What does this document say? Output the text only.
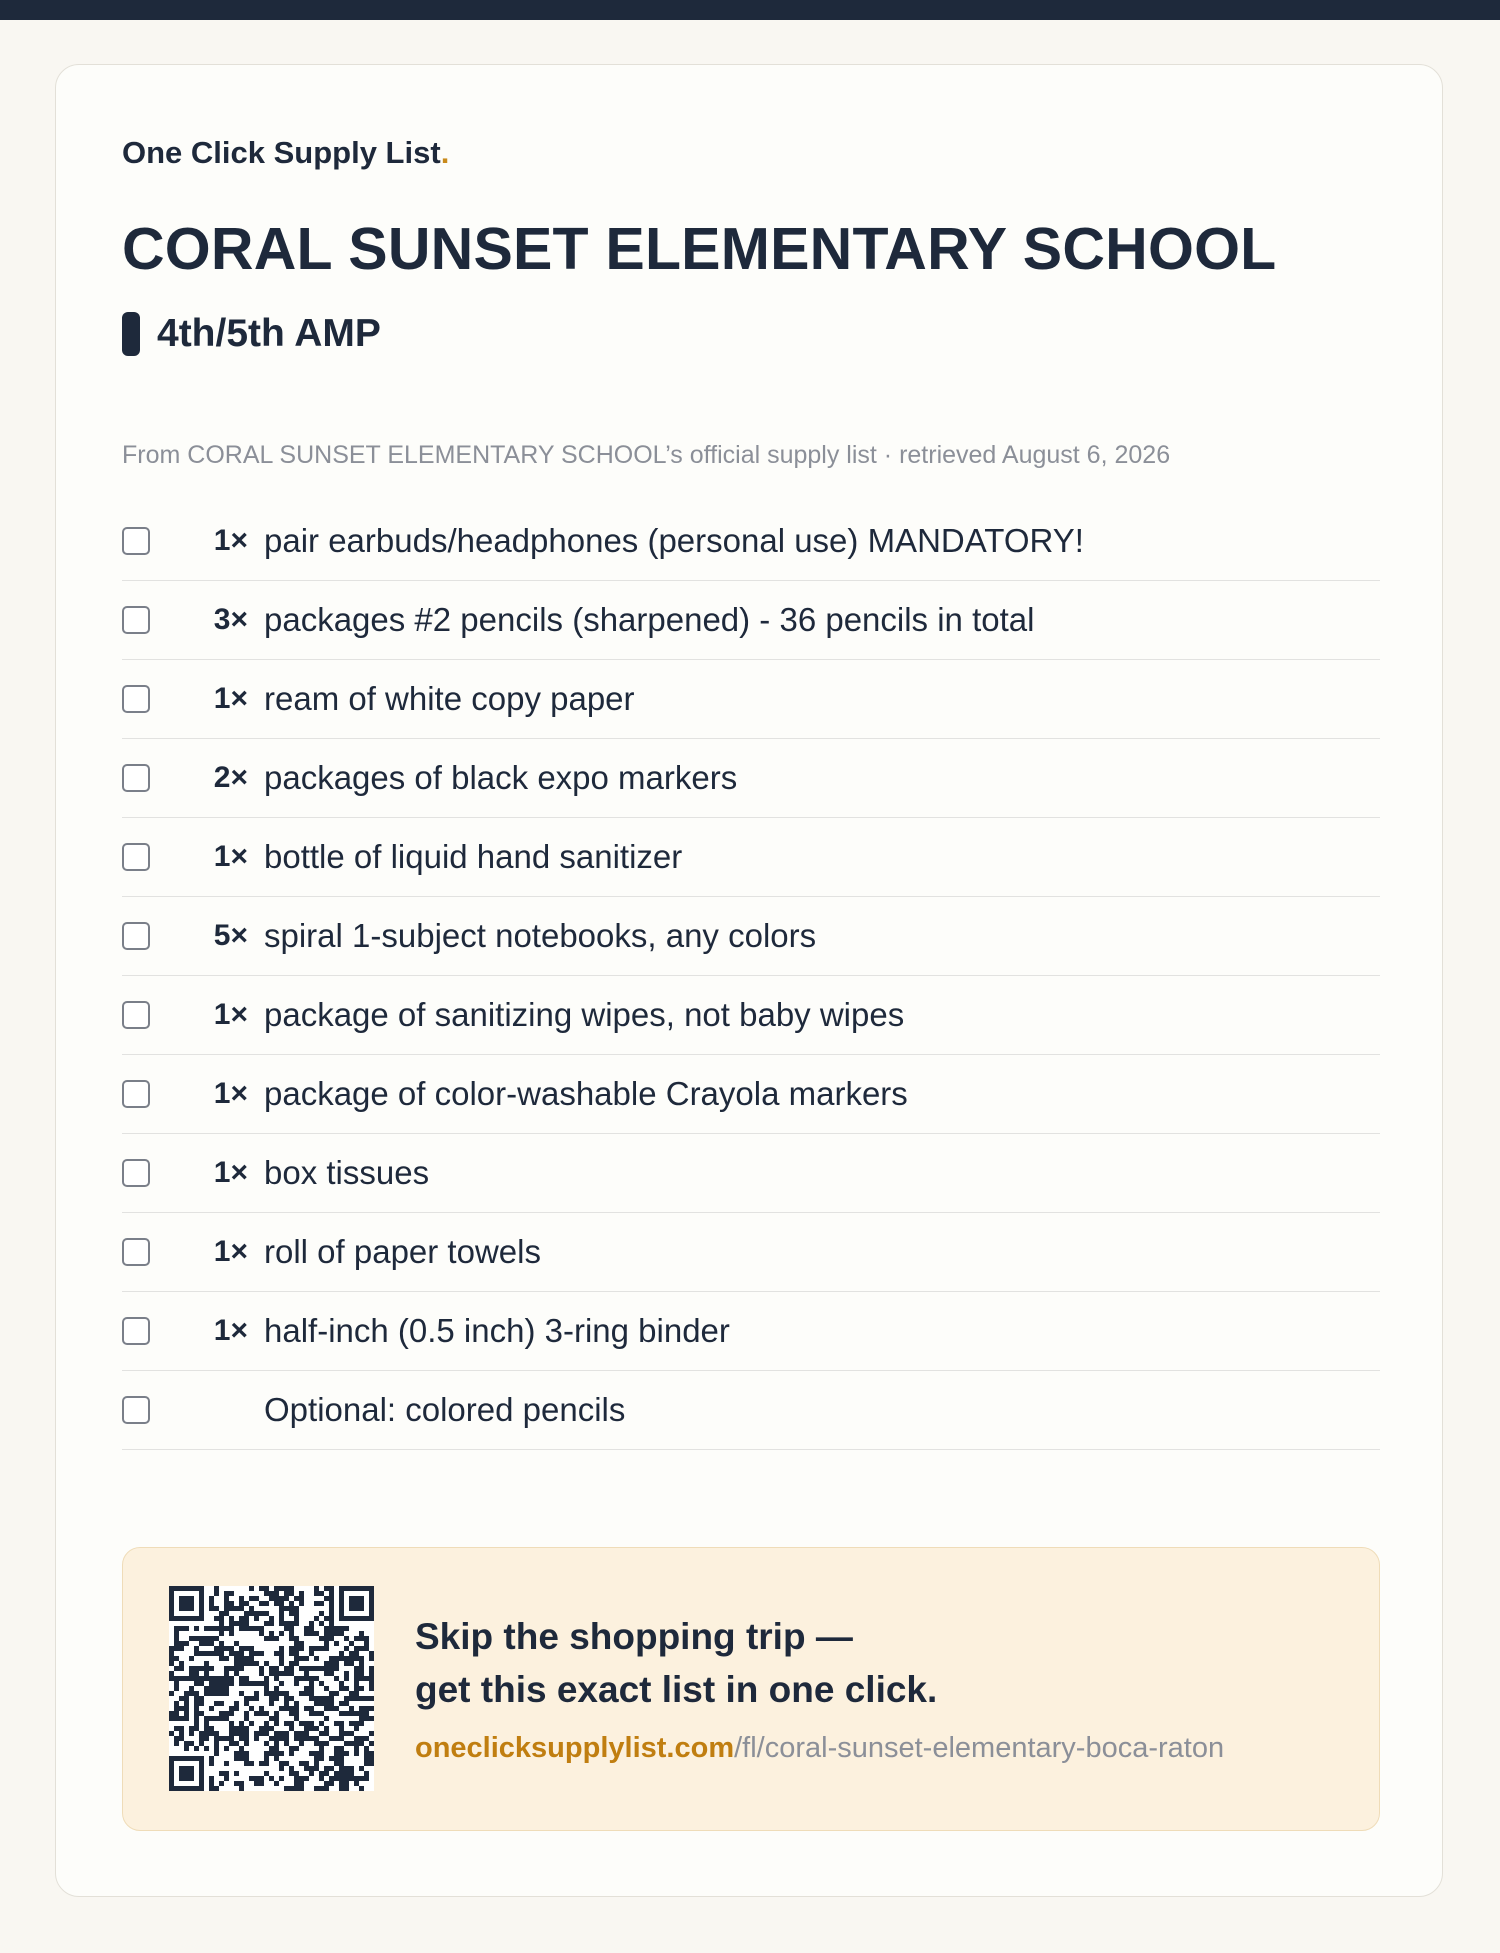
One Click Supply List.
CORAL SUNSET ELEMENTARY SCHOOL
4th/5th AMP
From CORAL SUNSET ELEMENTARY SCHOOL’s official supply list · retrieved August 6, 2026
1× pair earbuds/headphones (personal use) MANDATORY!
3× packages #2 pencils (sharpened) - 36 pencils in total
1× ream of white copy paper
2× packages of black expo markers
1× bottle of liquid hand sanitizer
5× spiral 1-subject notebooks, any colors
1× package of sanitizing wipes, not baby wipes
1× package of color-washable Crayola markers
1× box tissues
1× roll of paper towels
1× half-inch (0.5 inch) 3-ring binder
Optional: colored pencils
Skip the shopping trip —
get this exact list in one click.
oneclicksupplylist.com/fl/coral-sunset-elementary-boca-raton
